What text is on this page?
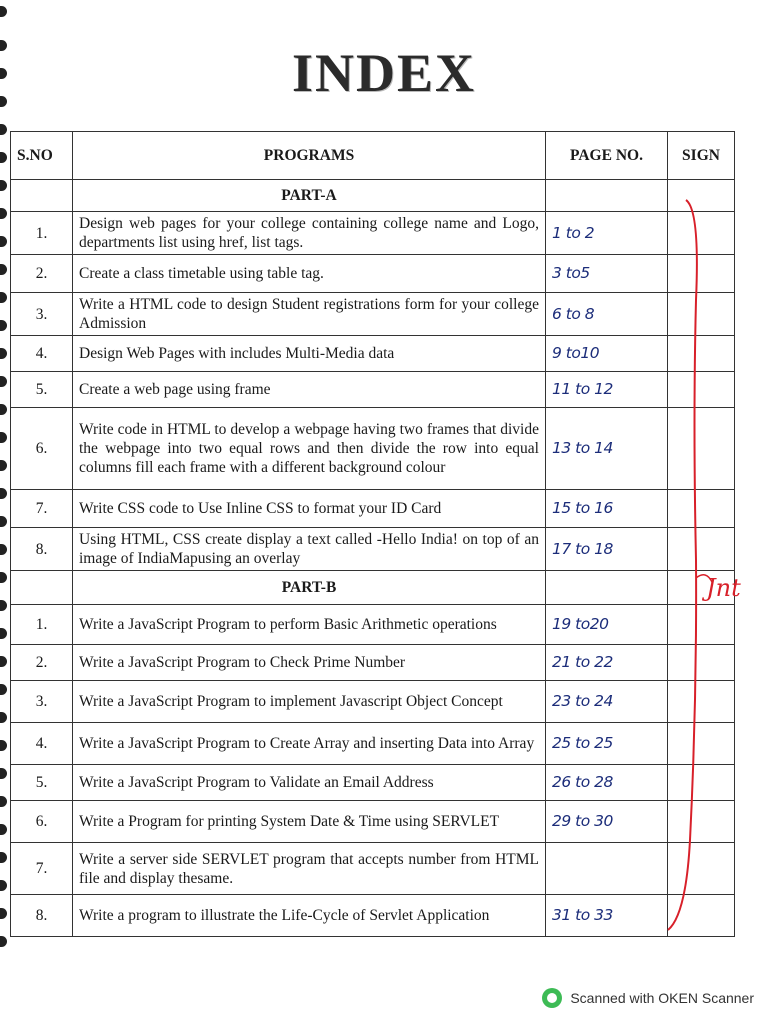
INDEX
S.NO	PROGRAMS	PAGE NO.	SIGN
	PART-A		
1.	Design web pages for your college containing college name and Logo, departments list using href, list tags.	1 to 2	
2.	Create a class timetable using table tag.	3 to5	
3.	Write a HTML code to design Student registrations form for your college Admission	6 to 8	
4.	Design Web Pages with includes Multi-Media data	9 to10	
5.	Create a web page using frame	11 to 12	
6.	Write code in HTML to develop a webpage having two frames that divide the webpage into two equal rows and then divide the row into equal columns fill each frame with a different background colour	13 to 14	
7.	Write CSS code to Use Inline CSS to format your ID Card	15 to 16	
8.	Using HTML, CSS create display a text called -Hello India! on top of an image of IndiaMapusing an overlay	17 to 18	
	PART-B		
1.	Write a JavaScript Program to perform Basic Arithmetic operations	19 to20	
2.	Write a JavaScript Program to Check Prime Number	21 to 22	
3.	Write a JavaScript Program to implement Javascript Object Concept	23 to 24	
4.	Write a JavaScript Program to Create Array and inserting Data into Array	25 to 25	
5.	Write a JavaScript Program to Validate an Email Address	26 to 28	
6.	Write a Program for printing System Date & Time using SERVLET	29 to 30	
7.	Write a server side SERVLET program that accepts number from HTML file and display thesame.		
8.	Write a program to illustrate the Life-Cycle of Servlet Application	31 to 33	
Jnt
Scanned with OKEN Scanner
